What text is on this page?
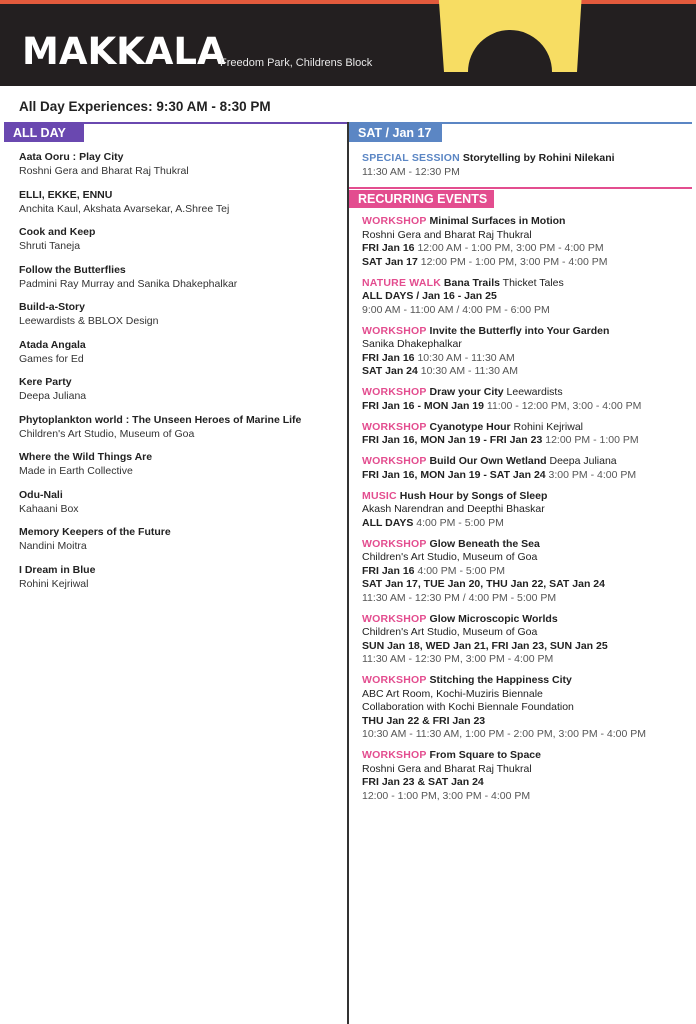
MAKKALA
Freedom Park, Childrens Block
All Day Experiences: 9:30 AM - 8:30 PM
ALL DAY	SAT / Jan 17
Aata Ooru : Play City
Roshni Gera and Bharat Raj Thukral
ELLI, EKKE, ENNU
Anchita Kaul, Akshata Avarsekar, A.Shree Tej
Cook and Keep
Shruti Taneja
Follow the Butterflies
Padmini Ray Murray and Sanika Dhakephalkar
Build-a-Story
Leewardists & BBLOX Design
Atada Angala
Games for Ed
Kere Party
Deepa Juliana
Phytoplankton world : The Unseen Heroes of Marine Life
Children's Art Studio, Museum of Goa
Where the Wild Things Are
Made in Earth Collective
Odu-Nali
Kahaani Box
Memory Keepers of the Future
Nandini Moitra
I Dream in Blue
Rohini Kejriwal
SPECIAL SESSION Storytelling by Rohini Nilekani
11:30 AM - 12:30 PM
RECURRING EVENTS
WORKSHOP Minimal Surfaces in Motion
Roshni Gera and Bharat Raj Thukral
FRI Jan 16 12:00 AM - 1:00 PM, 3:00 PM - 4:00 PM
SAT Jan 17 12:00 PM - 1:00 PM, 3:00 PM - 4:00 PM
NATURE WALK Bana Trails Thicket Tales
ALL DAYS / Jan 16 - Jan 25
9:00 AM - 11:00 AM / 4:00 PM - 6:00 PM
WORKSHOP Invite the Butterfly into Your Garden
Sanika Dhakephalkar
FRI Jan 16 10:30 AM - 11:30 AM
SAT Jan 24 10:30 AM - 11:30 AM
WORKSHOP Draw your City Leewardists
FRI Jan 16 - MON Jan 19 11:00 - 12:00 PM, 3:00 - 4:00 PM
WORKSHOP Cyanotype Hour Rohini Kejriwal
FRI Jan 16, MON Jan 19 - FRI Jan 23 12:00 PM - 1:00 PM
WORKSHOP Build Our Own Wetland Deepa Juliana
FRI Jan 16, MON Jan 19 - SAT Jan 24 3:00 PM - 4:00 PM
MUSIC Hush Hour by Songs of Sleep
Akash Narendran and Deepthi Bhaskar
ALL DAYS 4:00 PM - 5:00 PM
WORKSHOP Glow Beneath the Sea
Children's Art Studio, Museum of Goa
FRI Jan 16 4:00 PM - 5:00 PM
SAT Jan 17, TUE Jan 20, THU Jan 22, SAT Jan 24
11:30 AM - 12:30 PM / 4:00 PM - 5:00 PM
WORKSHOP Glow Microscopic Worlds
Children's Art Studio, Museum of Goa
SUN Jan 18, WED Jan 21, FRI Jan 23, SUN Jan 25
11:30 AM - 12:30 PM, 3:00 PM - 4:00 PM
WORKSHOP Stitching the Happiness City
ABC Art Room, Kochi-Muziris Biennale
Collaboration with Kochi Biennale Foundation
THU Jan 22 & FRI Jan 23
10:30 AM - 11:30 AM, 1:00 PM - 2:00 PM, 3:00 PM - 4:00 PM
WORKSHOP From Square to Space
Roshni Gera and Bharat Raj Thukral
FRI Jan 23 & SAT Jan 24
12:00 - 1:00 PM, 3:00 PM - 4:00 PM
